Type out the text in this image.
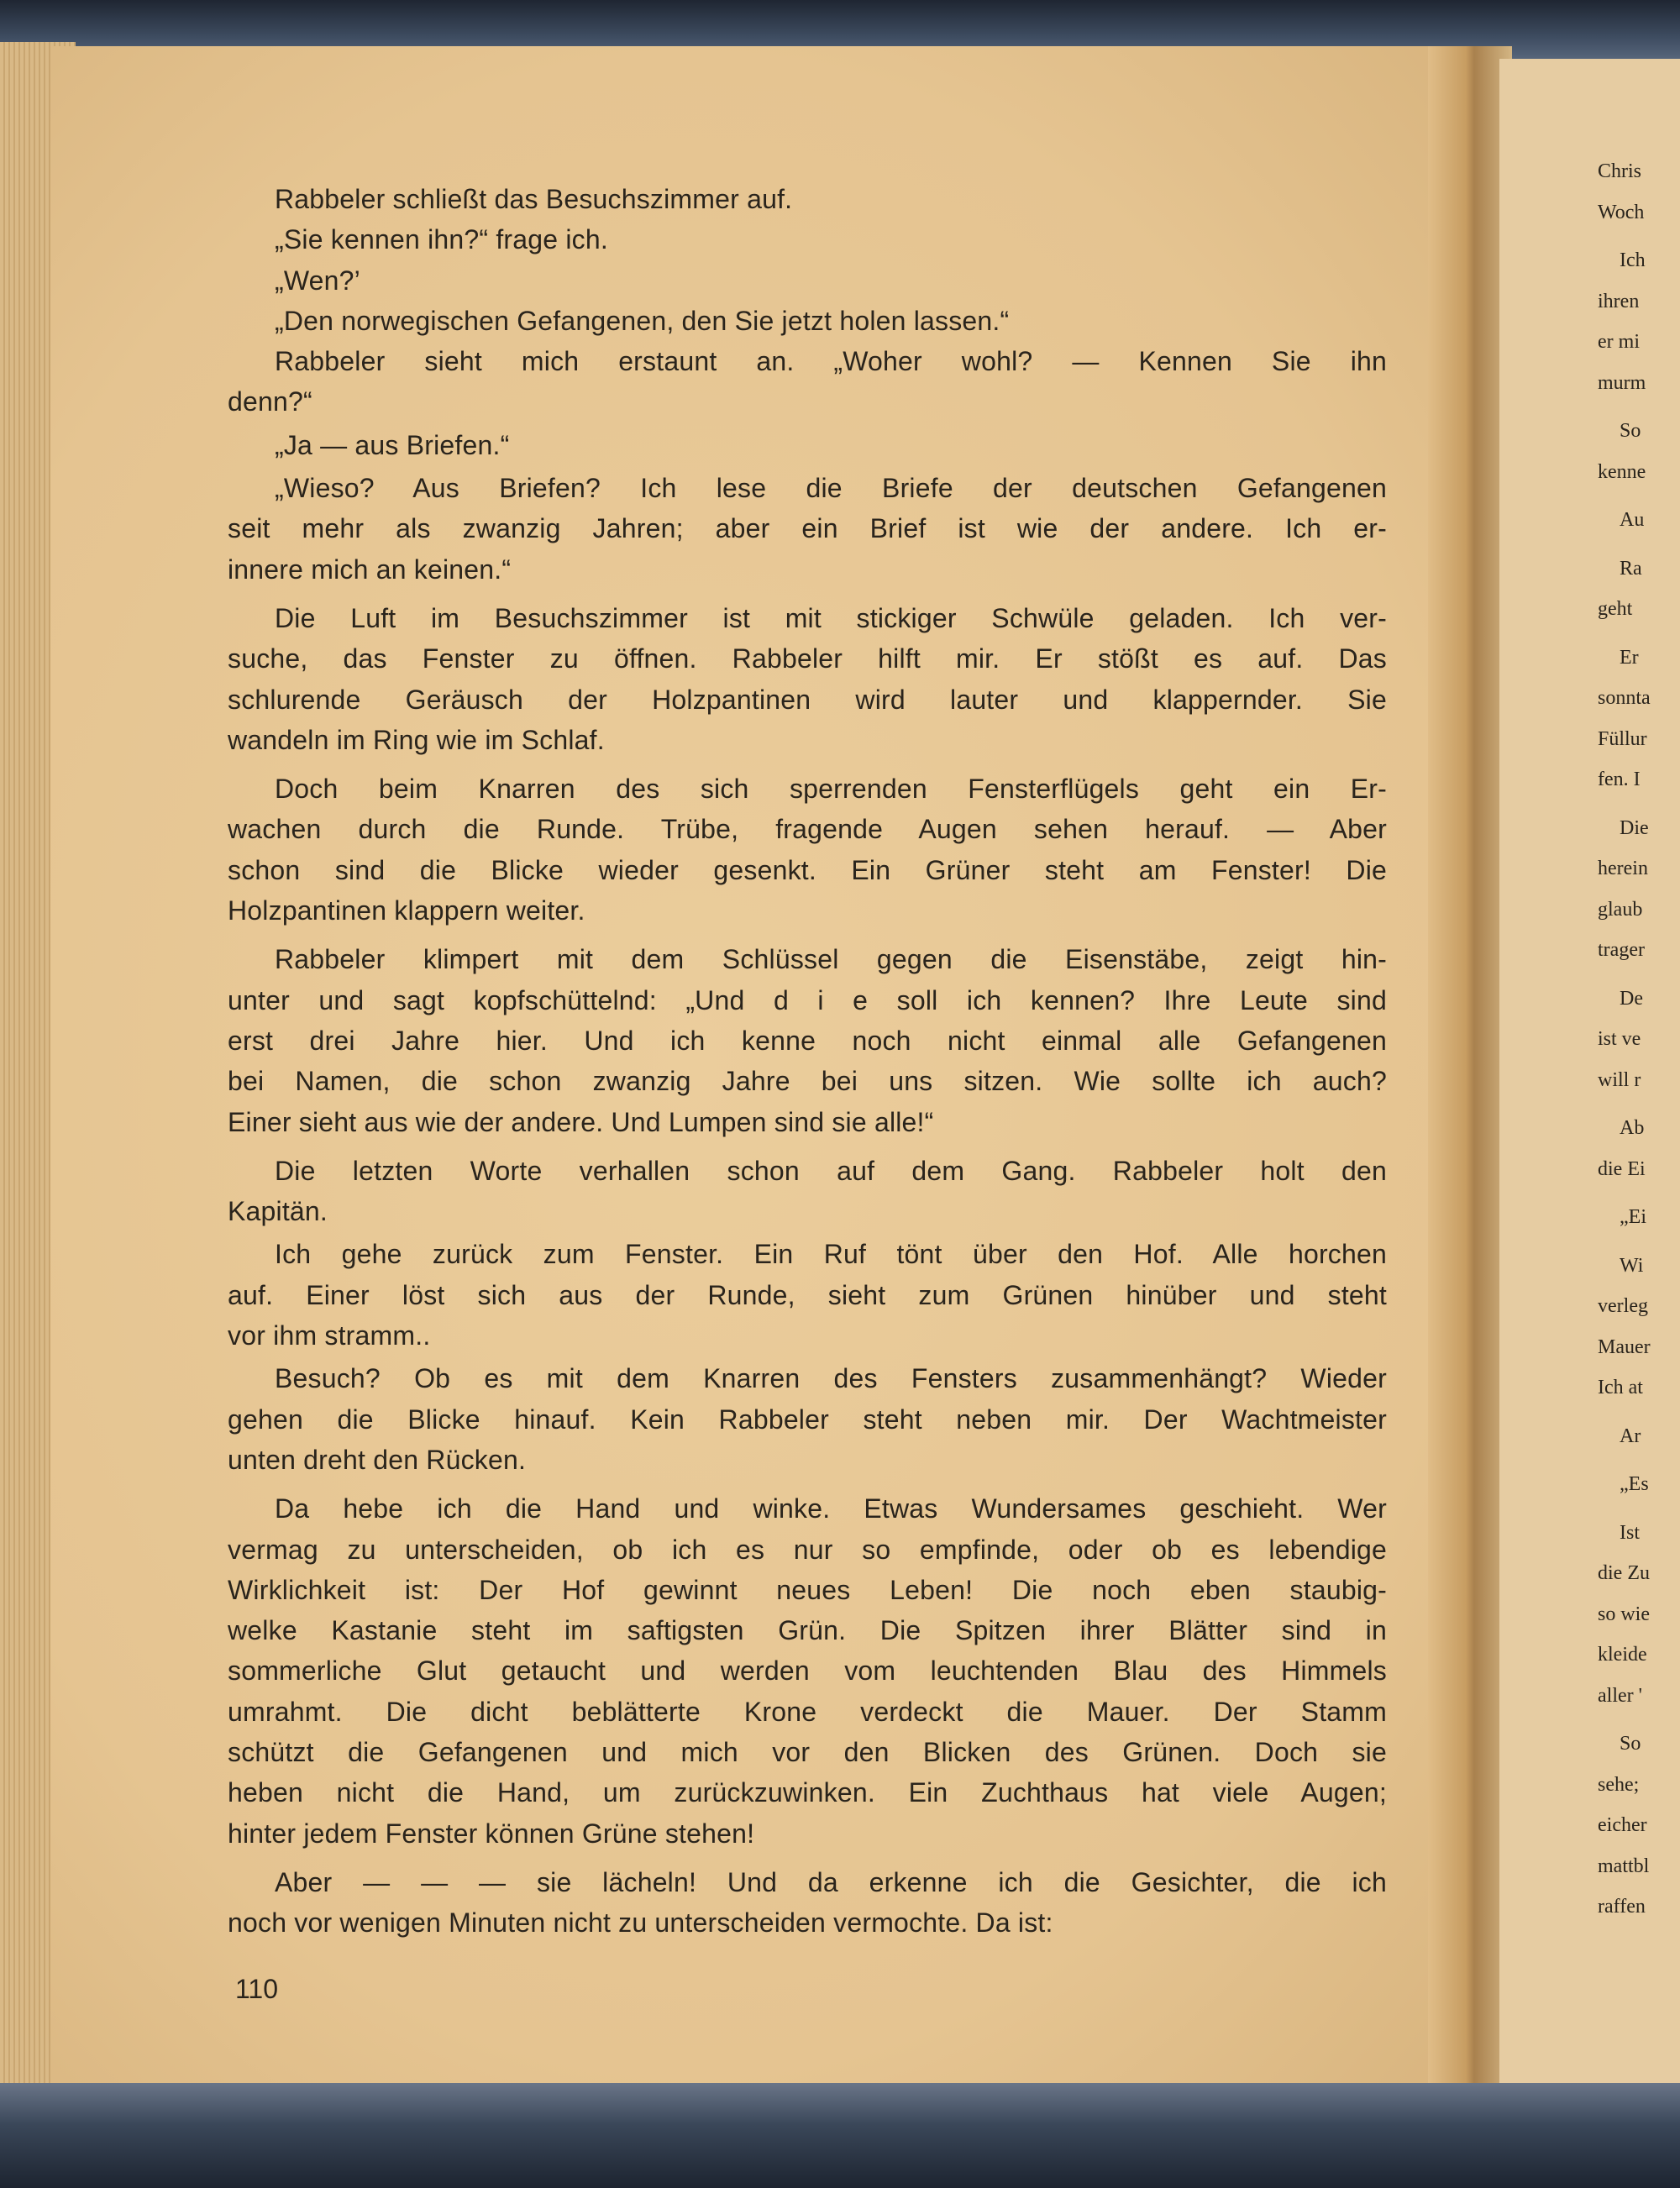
Rabbeler schließt das Besuchszimmer auf.
„Sie kennen ihn?“ frage ich.
„Wen?’
„Den norwegischen Gefangenen, den Sie jetzt holen lassen.“
Rabbeler sieht mich erstaunt an. „Woher wohl? — Kennen Sie ihn
denn?“
„Ja — aus Briefen.“
„Wieso? Aus Briefen? Ich lese die Briefe der deutschen Gefangenen
seit mehr als zwanzig Jahren; aber ein Brief ist wie der andere. Ich er-
innere mich an keinen.“
Die Luft im Besuchszimmer ist mit stickiger Schwüle geladen. Ich ver-
suche, das Fenster zu öffnen. Rabbeler hilft mir. Er stößt es auf. Das
schlurende Geräusch der Holzpantinen wird lauter und klappernder. Sie
wandeln im Ring wie im Schlaf.
Doch beim Knarren des sich sperrenden Fensterflügels geht ein Er-
wachen durch die Runde. Trübe, fragende Augen sehen herauf. — Aber
schon sind die Blicke wieder gesenkt. Ein Grüner steht am Fenster! Die
Holzpantinen klappern weiter.
Rabbeler klimpert mit dem Schlüssel gegen die Eisenstäbe, zeigt hin-
unter und sagt kopfschüttelnd: „Und d i e soll ich kennen? Ihre Leute sind
erst drei Jahre hier. Und ich kenne noch nicht einmal alle Gefangenen
bei Namen, die schon zwanzig Jahre bei uns sitzen. Wie sollte ich auch?
Einer sieht aus wie der andere. Und Lumpen sind sie alle!“
Die letzten Worte verhallen schon auf dem Gang. Rabbeler holt den
Kapitän.
Ich gehe zurück zum Fenster. Ein Ruf tönt über den Hof. Alle horchen
auf. Einer löst sich aus der Runde, sieht zum Grünen hinüber und steht
vor ihm stramm..
Besuch? Ob es mit dem Knarren des Fensters zusammenhängt? Wieder
gehen die Blicke hinauf. Kein Rabbeler steht neben mir. Der Wachtmeister
unten dreht den Rücken.
Da hebe ich die Hand und winke. Etwas Wundersames geschieht. Wer
vermag zu unterscheiden, ob ich es nur so empfinde, oder ob es lebendige
Wirklichkeit ist: Der Hof gewinnt neues Leben! Die noch eben staubig-
welke Kastanie steht im saftigsten Grün. Die Spitzen ihrer Blätter sind in
sommerliche Glut getaucht und werden vom leuchtenden Blau des Himmels
umrahmt. Die dicht beblätterte Krone verdeckt die Mauer. Der Stamm
schützt die Gefangenen und mich vor den Blicken des Grünen. Doch sie
heben nicht die Hand, um zurückzuwinken. Ein Zuchthaus hat viele Augen;
hinter jedem Fenster können Grüne stehen!
Aber — — — sie lächeln! Und da erkenne ich die Gesichter, die ich
noch vor wenigen Minuten nicht zu unterscheiden vermochte. Da ist:
110
Chris
Woch
Ich
ihren
er mi
murm
So
kenne
Au
Ra
geht
Er
sonnta
Füllur
fen. I
Die
herein
glaub
trager
De
ist ve
will r
Ab
die Ei
„Ei
Wi
verleg
Mauer
Ich at
Ar
„Es
Ist
die Zu
so wie
kleide
aller '
So
sehe;
eicher
mattbl
raffen
